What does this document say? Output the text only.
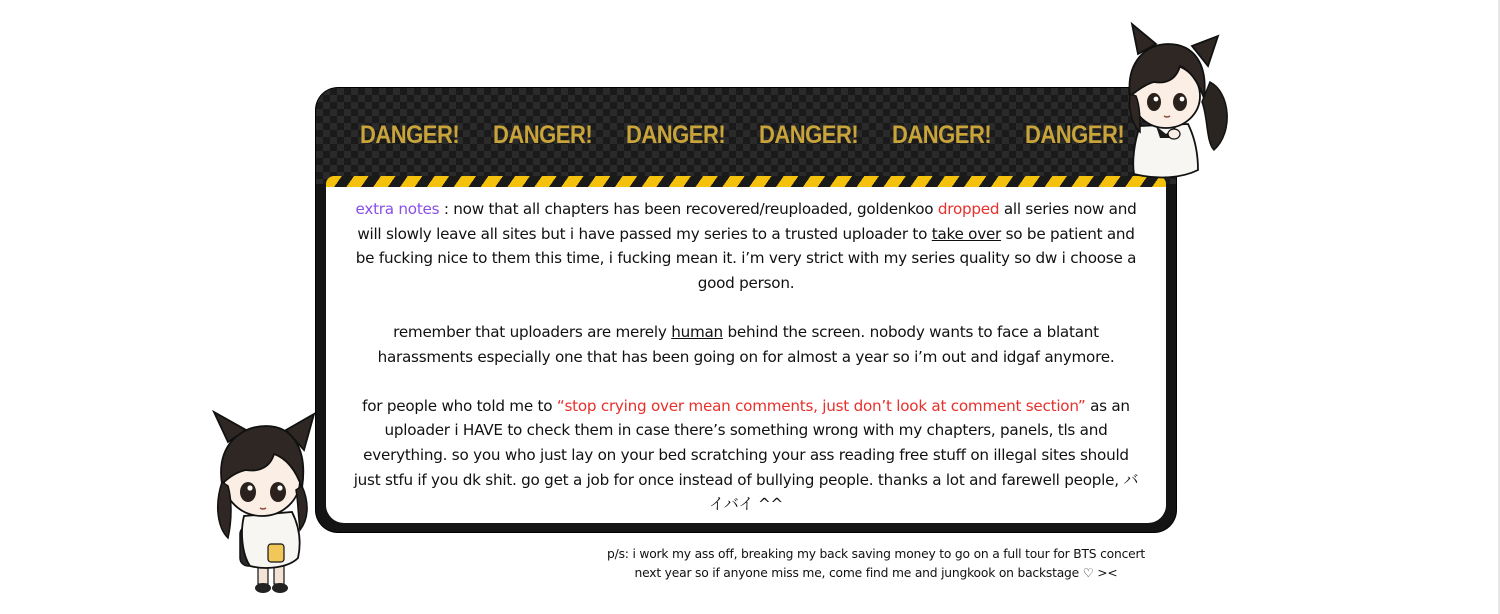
DANGER!	DANGER!	DANGER!	DANGER!	DANGER!	DANGER!

extra notes : now that all chapters has been recovered/reuploaded, goldenkoo dropped all series now and will slowly leave all sites but i have passed my series to a trusted uploader to take over so be patient and be fucking nice to them this time, i fucking mean it. i’m very strict with my series quality so dw i choose a good person.

remember that uploaders are merely human behind the screen. nobody wants to face a blatant harassments especially one that has been going on for almost a year so i’m out and idgaf anymore.

for people who told me to “stop crying over mean comments, just don’t look at comment section” as an uploader i HAVE to check them in case there’s something wrong with my chapters, panels, tls and everything. so you who just lay on your bed scratching your ass reading free stuff on illegal sites should just stfu if you dk shit. go get a job for once instead of bullying people. thanks a lot and farewell people, バイバイ ^^

p/s: i work my ass off, breaking my back saving money to go on a full tour for BTS concert
next year so if anyone miss me, come find me and jungkook on backstage ♡ ><
